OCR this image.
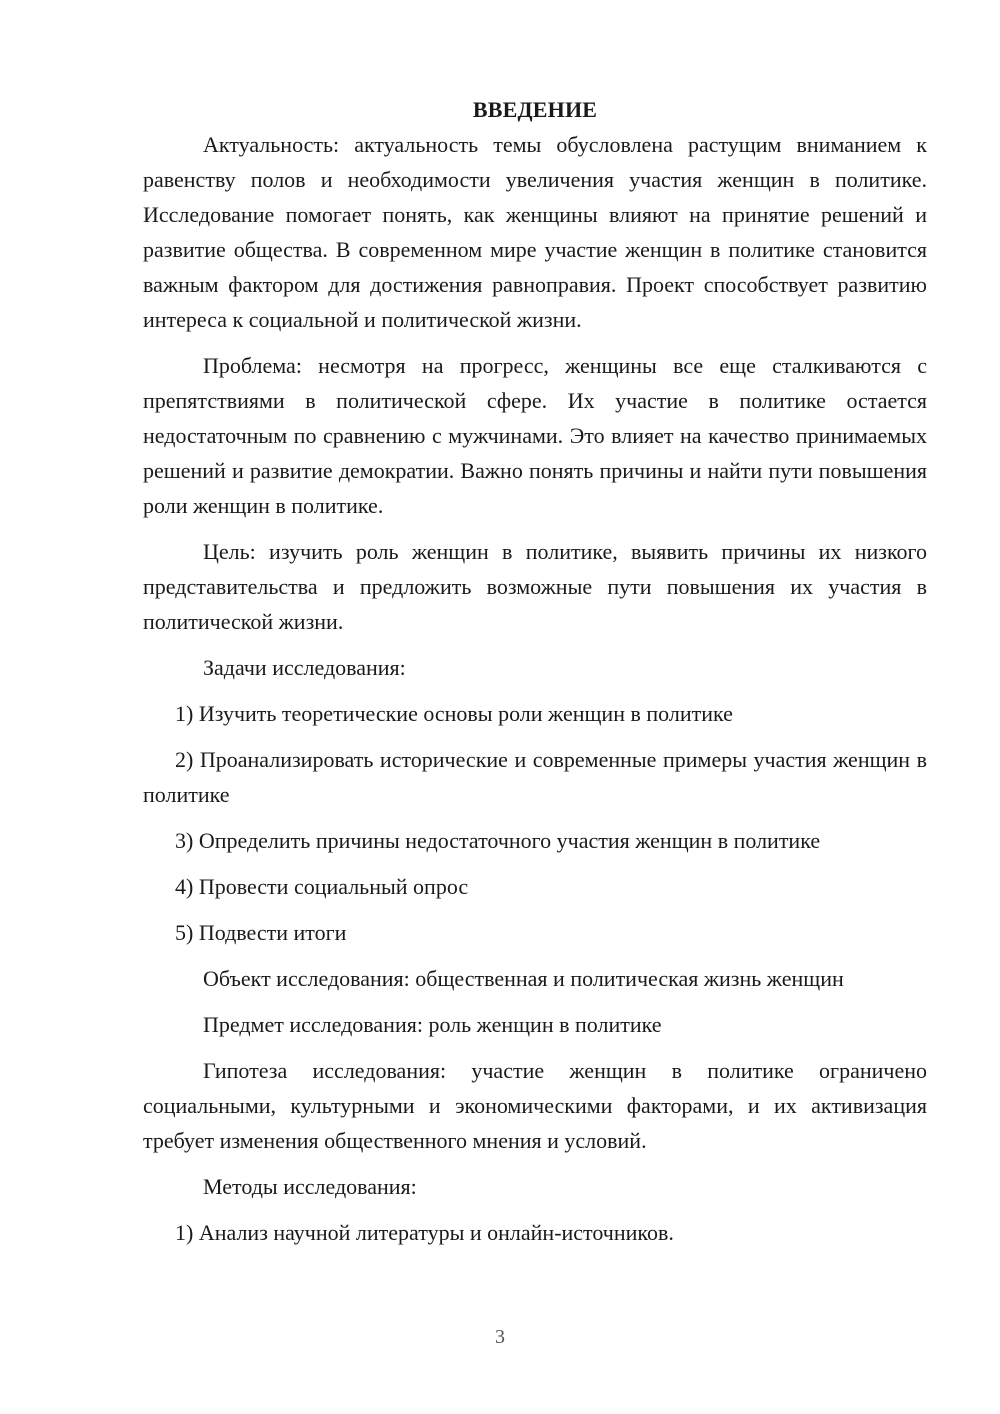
ВВЕДЕНИЕ

Актуальность: актуальность темы обусловлена растущим вниманием к равенству полов и необходимости увеличения участия женщин в политике. Исследование помогает понять, как женщины влияют на принятие решений и развитие общества. В современном мире участие женщин в политике становится важным фактором для достижения равноправия. Проект способствует развитию интереса к социальной и политической жизни.

Проблема: несмотря на прогресс, женщины все еще сталкиваются с препятствиями в политической сфере. Их участие в политике остается недостаточным по сравнению с мужчинами. Это влияет на качество принимаемых решений и развитие демократии. Важно понять причины и найти пути повышения роли женщин в политике.

Цель: изучить роль женщин в политике, выявить причины их низкого представительства и предложить возможные пути повышения их участия в политической жизни.

Задачи исследования:

1) Изучить теоретические основы роли женщин в политике

2) Проанализировать исторические и современные примеры участия женщин в политике

3) Определить причины недостаточного участия женщин в политике

4) Провести социальный опрос

5) Подвести итоги

Объект исследования: общественная и политическая жизнь женщин

Предмет исследования: роль женщин в политике

Гипотеза исследования: участие женщин в политике ограничено социальными, культурными и экономическими факторами, и их активизация требует изменения общественного мнения и условий.

Методы исследования:

1) Анализ научной литературы и онлайн-источников.

3
